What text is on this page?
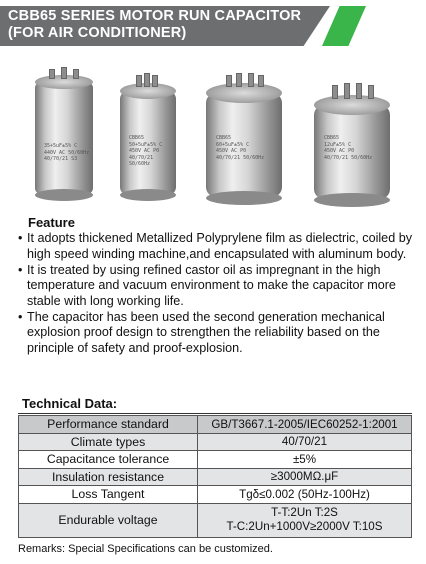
CBB65 SERIES MOTOR RUN CAPACITOR
(FOR AIR CONDITIONER)
35+5uF±5% C
440V AC 50/60Hz
40/70/21 S3
CBB65
50+5uF±5% C
450V AC P0
40/70/21 S0/60Hz
CBB65
60+5uF±5% C
450V AC P0
40/70/21 50/60Hz
CBB65
12uF±5% C
450V AC P0
40/70/21 50/60Hz
Feature
• It adopts thickened Metallized Polyprylene film as dielectric, coiled by high speed winding machine,and encapsulated with aluminum body.
• It is treated by using refined castor oil as impregnant in the high temperature and vacuum environment to make the capacitor more stable with long working life.
• The capacitor has been used the second generation mechanical explosion proof design to strengthen the reliability based on the principle of safety and proof-explosion.
Technical Data:
Performance standard	GB/T3667.1-2005/IEC60252-1:2001
Climate types	40/70/21
Capacitance tolerance	±5%
Insulation resistance	≥3000MΩ.μF
Loss Tangent	Tgδ≤0.002 (50Hz-100Hz)
Endurable voltage	T-T:2Un T:2S
T-C:2Un+1000V≥2000V T:10S
Remarks: Special Specifications can be customized.
